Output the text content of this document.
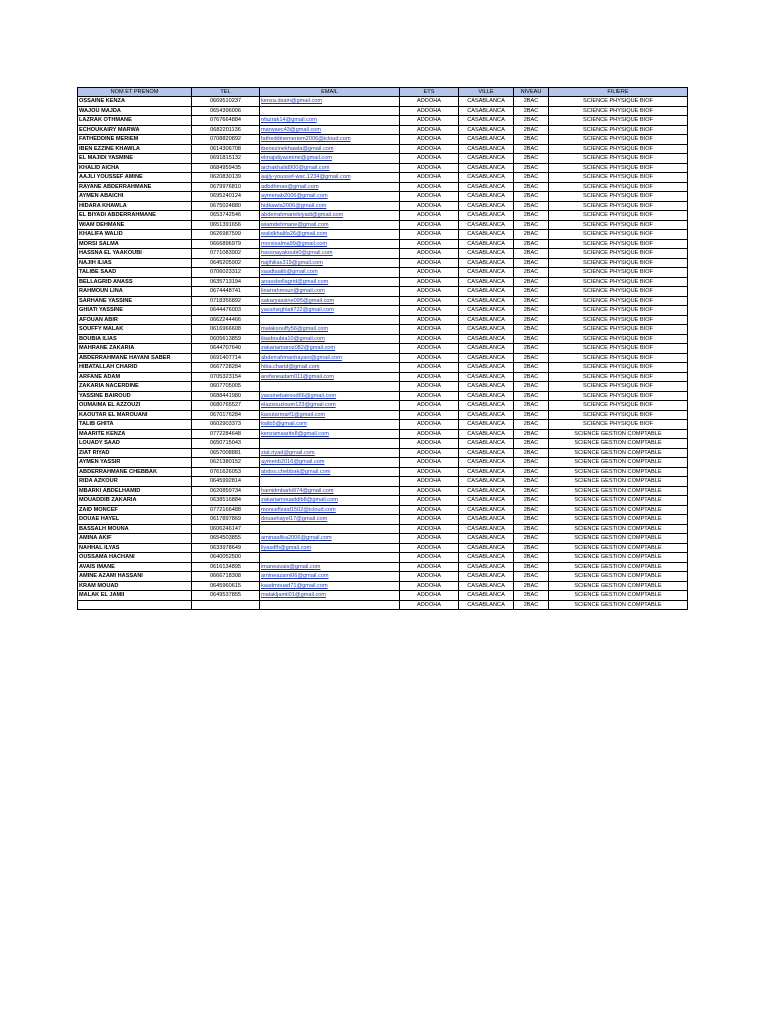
NOM ET PRENOM	TEL	EMAIL	ETS	VILLE	NIVEAU	FILIERE
OSSAINE KENZA	0669510237	kenza.dsain@gmail.com	ADDOHA	CASABLANCA	2BAC	SCIENCE PHYSIQUE BIOF
WAJOU MAJDA	0654396006		ADDOHA	CASABLANCA	2BAC	SCIENCE PHYSIQUE BIOF
LAZRAK OTHMANE	0767664884	ofazrak14@gmail.com	ADDOHA	CASABLANCA	2BAC	SCIENCE PHYSIQUE BIOF
ECHOUKAIRY MARWA	0682201136	marwaec43@gmail.com	ADDOHA	CASABLANCA	2BAC	SCIENCE PHYSIQUE BIOF
FATHEDDINE MERIEM	0708820892	fatheddinemeriem2006@icloud.com	ADDOHA	CASABLANCA	2BAC	SCIENCE PHYSIQUE BIOF
IBEN EZZINE KHAWLA	0614306708	ibenezinekhawla@gmail.com	ADDOHA	CASABLANCA	2BAC	SCIENCE PHYSIQUE BIOF
EL MAJIDI YASMINE	0691815132	elmajidiyasmine@gmail.com	ADDOHA	CASABLANCA	2BAC	SCIENCE PHYSIQUE BIOF
KHALID AICHA	0684959435	aichakhalid900@gmail.com	ADDOHA	CASABLANCA	2BAC	SCIENCE PHYSIQUE BIOF
AAJLI YOUSSEF AMINE	0620830139	aajly-youssef-wac.1234@gmail.com	ADDOHA	CASABLANCA	2BAC	SCIENCE PHYSIQUE BIOF
RAYANE ABDERRAHMANE	0679976810	adbdhman@gmail.com	ADDOHA	CASABLANCA	2BAC	SCIENCE PHYSIQUE BIOF
AYMEN ABAICHI	0695240124	aymenab2006@gmail.com	ADDOHA	CASABLANCA	2BAC	SCIENCE PHYSIQUE BIOF
HIDARA KHAWLA	0675024880	hidkawla2006@gmail.com	ADDOHA	CASABLANCA	2BAC	SCIENCE PHYSIQUE BIOF
EL BIYADI ABDERRAHMANE	0653742546	abderrahmanebiyadi@gmail.com	ADDOHA	CASABLANCA	2BAC	SCIENCE PHYSIQUE BIOF
WIAM DEHMANE	0651391656	wiamdehmane@gmail.com	ADDOHA	CASABLANCA	2BAC	SCIENCE PHYSIQUE BIOF
KHALIFA WALID	0626987599	walidkhalifa26@gmail.com	ADDOHA	CASABLANCA	2BAC	SCIENCE PHYSIQUE BIOF
MORSI SALMA	0666896979	morsisalma99@gmail.com	ADDOHA	CASABLANCA	2BAC	SCIENCE PHYSIQUE BIOF
HASSNA EL YAAKOUBI	0771083902	hassnayakoubi0@gmail.com	ADDOHA	CASABLANCA	2BAC	SCIENCE PHYSIQUE BIOF
NAJIH ILIAS	0645205902	najihilias319@gmail.com	ADDOHA	CASABLANCA	2BAC	SCIENCE PHYSIQUE BIOF
TALIBE SAAD	0706023312	saadtaalib@gmail.com	ADDOHA	CASABLANCA	2BAC	SCIENCE PHYSIQUE BIOF
BELLAGRID ANASS	0635713194	anassbellagrid@gmail.com	ADDOHA	CASABLANCA	2BAC	SCIENCE PHYSIQUE BIOF
RAHMOUN LINA	0674448741	linarrahmoun@gmail.com	ADDOHA	CASABLANCA	2BAC	SCIENCE PHYSIQUE BIOF
SARHANE YASSINE	0718356892	sakaryassine095@gmail.com	ADDOHA	CASABLANCA	2BAC	SCIENCE PHYSIQUE BIOF
GHIATI YASSINE	0644476003	yassineghiati722@gmail.com	ADDOHA	CASABLANCA	2BAC	SCIENCE PHYSIQUE BIOF
AFOUAN ABIR	0662244466		ADDOHA	CASABLANCA	2BAC	SCIENCE PHYSIQUE BIOF
SOUFFY MALAK	0616966608	malaksouffy56@gmail.com	ADDOHA	CASABLANCA	2BAC	SCIENCE PHYSIQUE BIOF
BOUBIA ILIAS	0605613859	iliasboubia10@gmail.com	ADDOHA	CASABLANCA	2BAC	SCIENCE PHYSIQUE BIOF
MAHRANE ZAKARIA	0644707640	zakariamaroz082@gmail.com	ADDOHA	CASABLANCA	2BAC	SCIENCE PHYSIQUE BIOF
ABDERRAHMANE HAYANI SABER	0691407714	abderrahmanhayani@gmail.com	ADDOHA	CASABLANCA	2BAC	SCIENCE PHYSIQUE BIOF
HIBATALLAH CHARID	0667728284	hiba.charid@gmail.com	ADDOHA	CASABLANCA	2BAC	SCIENCE PHYSIQUE BIOF
ARFANE ADAM	0705323154	arefaneadam011@gmail.com	ADDOHA	CASABLANCA	2BAC	SCIENCE PHYSIQUE BIOF
ZAKARIA NACERDINE	0607705005		ADDOHA	CASABLANCA	2BAC	SCIENCE PHYSIQUE BIOF
YASSINE BAIROUD	0688441980	yassinebairoud66@gmail.com	ADDOHA	CASABLANCA	2BAC	SCIENCE PHYSIQUE BIOF
OUMAIMA EL AZZOUZI	0680765527	elazzouzioum123@gmail.com	ADDOHA	CASABLANCA	2BAC	SCIENCE PHYSIQUE BIOF
KAOUTAR EL MAROUANI	0670176284	kaoutarmarf1@gmail.com	ADDOHA	CASABLANCA	2BAC	SCIENCE PHYSIQUE BIOF
TALIB GHITA	0602903373	italib5@gmail.com	ADDOHA	CASABLANCA	2BAC	SCIENCE PHYSIQUE BIOF
MAARITE KENZA	0772284648	kenzamaarite8@gmail.com	ADDOHA	CASABLANCA	2BAC	SCIENCE GESTION COMPTABLE
LOUADY SAAD	0650715043		ADDOHA	CASABLANCA	2BAC	SCIENCE GESTION COMPTABLE
ZIAT RIYAD	0657008881	ziat.riyad@gmail.com	ADDOHA	CASABLANCA	2BAC	SCIENCE GESTION COMPTABLE
AYMEN YASSIR	0621380152	aymenb2016@gmail.com	ADDOHA	CASABLANCA	2BAC	SCIENCE GESTION COMPTABLE
ABDERRAHMANE CHEBBAK	0761626053	abdou.chebbak@gmail.com	ADDOHA	CASABLANCA	2BAC	SCIENCE GESTION COMPTABLE
RIDA AZKOUR	0645992814		ADDOHA	CASABLANCA	2BAC	SCIENCE GESTION COMPTABLE
MBARKI ABDELHAMID	0620859734	hamidmbarki974@gmail.com	ADDOHA	CASABLANCA	2BAC	SCIENCE GESTION COMPTABLE
MOUADDIB ZAKARIA	0638516884	zakariamouaddib8@gmail.com	ADDOHA	CASABLANCA	2BAC	SCIENCE GESTION COMPTABLE
ZAID MONCEF	0772166488	monceflzaid1502@icloud.com	ADDOHA	CASABLANCA	2BAC	SCIENCE GESTION COMPTABLE
DOUAE HAYEL	0617897869	douaehayel17@gmail.com	ADDOHA	CASABLANCA	2BAC	SCIENCE GESTION COMPTABLE
BASSALH MOUNA	0606246147		ADDOHA	CASABLANCA	2BAC	SCIENCE GESTION COMPTABLE
AMINA AKIF	0654503855	aminaafika2006@gmail.com	ADDOHA	CASABLANCA	2BAC	SCIENCE GESTION COMPTABLE
NAHHAL ILYAS	0633978649	ilyasdfh@gmail.com	ADDOHA	CASABLANCA	2BAC	SCIENCE GESTION COMPTABLE
OUSSAMA HACHANI	0640052500		ADDOHA	CASABLANCA	2BAC	SCIENCE GESTION COMPTABLE
AVAIS IMANE	0616134895	imaneavais@gmail.com	ADDOHA	CASABLANCA	2BAC	SCIENCE GESTION COMPTABLE
AMINE AZAMI HASSANI	0666718308	amineazami06@gmail.com	ADDOHA	CASABLANCA	2BAC	SCIENCE GESTION COMPTABLE
KRAM MOUAD	0645960615	kaadmouad71@gmail.com	ADDOHA	CASABLANCA	2BAC	SCIENCE GESTION COMPTABLE
MALAK EL JAMII	0649537855	malakljamii01@gmail.com	ADDOHA	CASABLANCA	2BAC	SCIENCE GESTION COMPTABLE
			ADDOHA	CASABLANCA	2BAC	SCIENCE GESTION COMPTABLE
